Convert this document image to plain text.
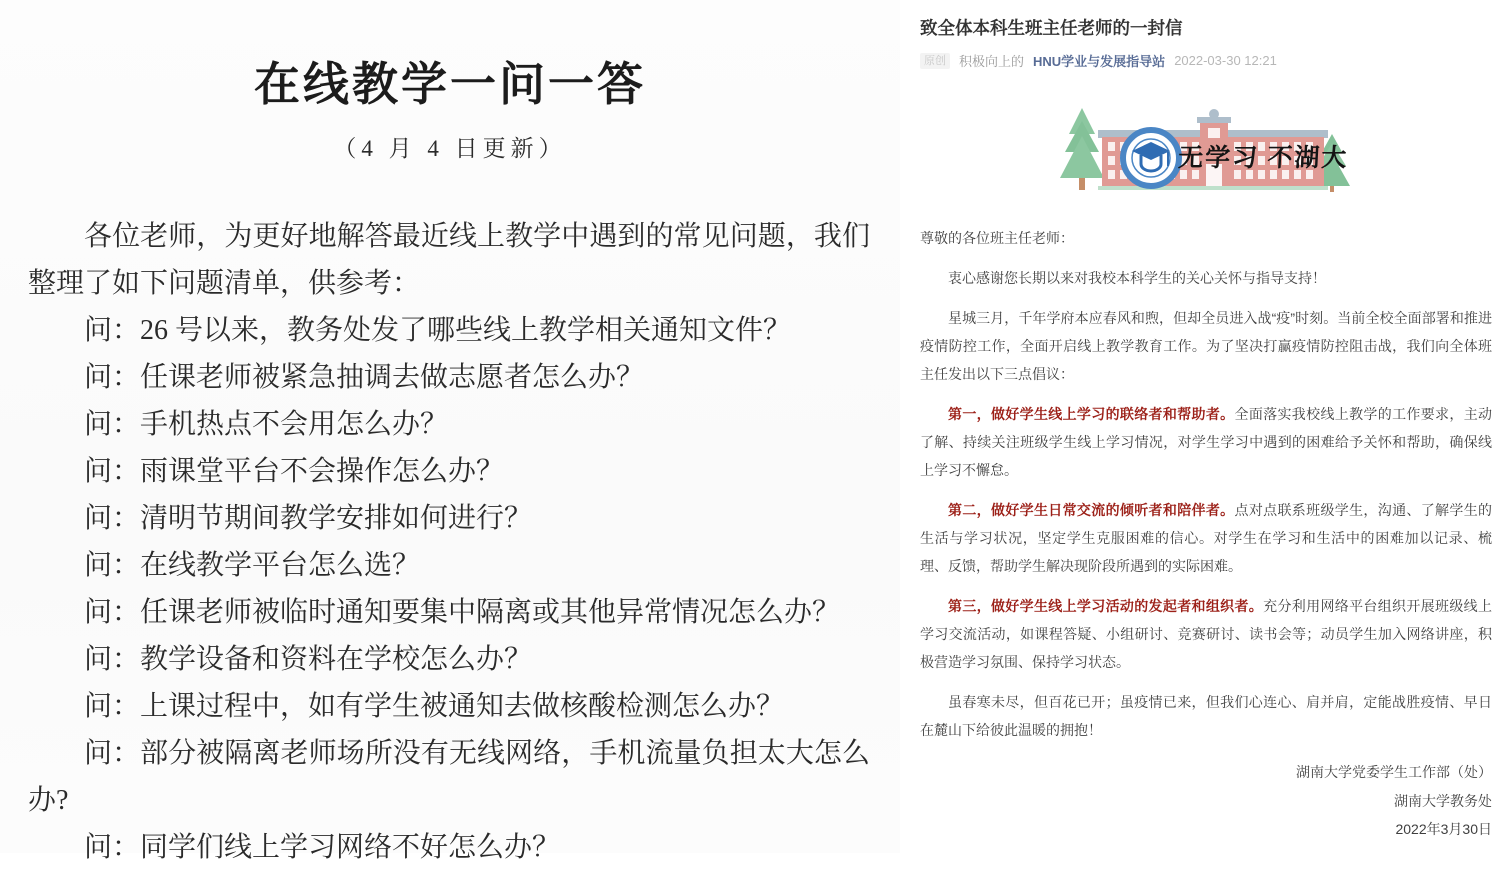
在线教学一问一答
（4 月 4 日更新）

各位老师，为更好地解答最近线上教学中遇到的常见问题，我们整理了如下问题清单，供参考：

问：26 号以来，教务处发了哪些线上教学相关通知文件？

问：任课老师被紧急抽调去做志愿者怎么办？

问：手机热点不会用怎么办？

问：雨课堂平台不会操作怎么办？

问：清明节期间教学安排如何进行？

问：在线教学平台怎么选？

问：任课老师被临时通知要集中隔离或其他异常情况怎么办？

问：教学设备和资料在学校怎么办？

问：上课过程中，如有学生被通知去做核酸检测怎么办？

问：部分被隔离老师场所没有无线网络，手机流量负担太大怎么办?

问：同学们线上学习网络不好怎么办？

致全体本科生班主任老师的一封信
原创	积极向上的 HNU学业与发展指导站 2022-03-30 12:21
无学习 不湖大

尊敬的各位班主任老师：

衷心感谢您长期以来对我校本科学生的关心关怀与指导支持！

星城三月，千年学府本应春风和煦，但却全员进入战“疫”时刻。当前全校全面部署和推进疫情防控工作，全面开启线上教学教育工作。为了坚决打赢疫情防控阻击战，我们向全体班主任发出以下三点倡议：

第一，做好学生线上学习的联络者和帮助者。全面落实我校线上教学的工作要求，主动了解、持续关注班级学生线上学习情况，对学生学习中遇到的困难给予关怀和帮助，确保线上学习不懈怠。

第二，做好学生日常交流的倾听者和陪伴者。点对点联系班级学生，沟通、了解学生的生活与学习状况，坚定学生克服困难的信心。对学生在学习和生活中的困难加以记录、梳理、反馈，帮助学生解决现阶段所遇到的实际困难。

第三，做好学生线上学习活动的发起者和组织者。充分利用网络平台组织开展班级线上学习交流活动，如课程答疑、小组研讨、竞赛研讨、读书会等；动员学生加入网络讲座，积极营造学习氛围、保持学习状态。

虽春寒未尽，但百花已开；虽疫情已来，但我们心连心、肩并肩，定能战胜疫情、早日在麓山下给彼此温暖的拥抱！

湖南大学党委学生工作部（处）
湖南大学教务处
2022年3月30日
